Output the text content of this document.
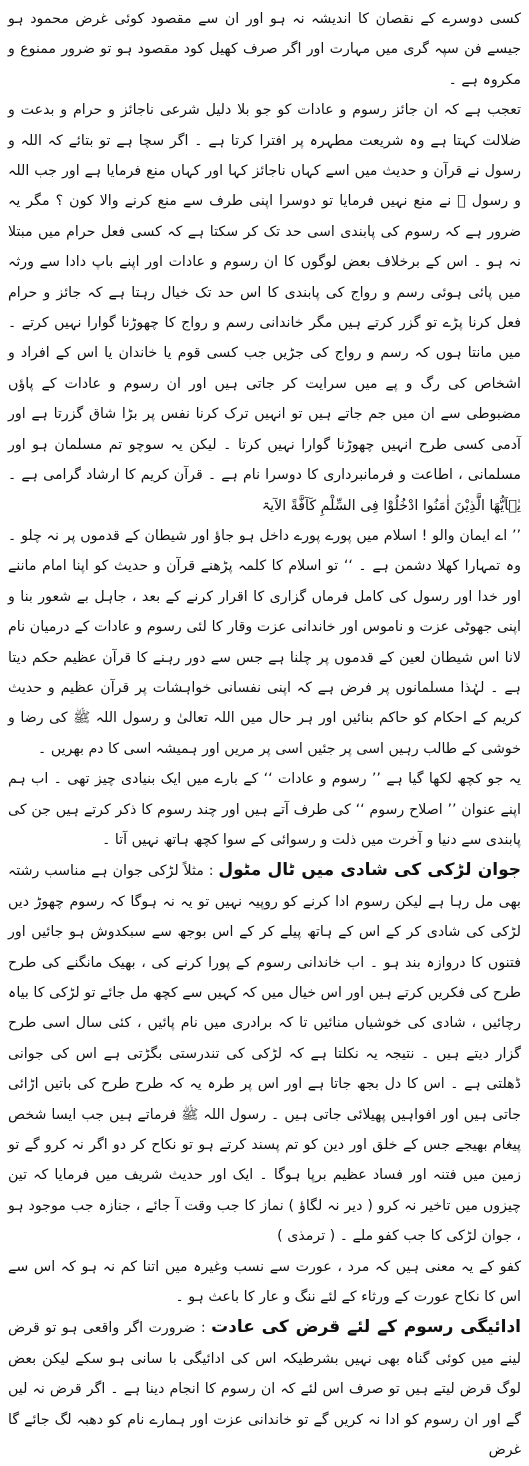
کسی دوسرے کے نقصان کا اندیشہ نہ ہو اور ان سے مقصود کوئی غرض محمود ہو جیسے فن سپہ گری میں مہارت اور اگر صرف کھیل کود مقصود ہو تو ضرور ممنوع و مکروہ ہے ۔

تعجب ہے کہ ان جائز رسوم و عادات کو جو بلا دلیل شرعی ناجائز و حرام و بدعت و ضلالت کہتا ہے وہ شریعت مطہرہ پر افترا کرتا ہے ۔ اگر سچا ہے تو بتائے کہ اللہ و رسول نے قرآن و حدیث میں اسے کہاں ناجائز کہا اور کہاں منع فرمایا ہے اور جب اللہ و رسول ﷺ نے منع نہیں فرمایا تو دوسرا اپنی طرف سے منع کرنے والا کون ؟ مگر یہ ضرور ہے کہ رسوم کی پابندی اسی حد تک کر سکتا ہے کہ کسی فعل حرام میں مبتلا نہ ہو ۔ اس کے برخلاف بعض لوگوں کا ان رسوم و عادات اور اپنے باپ دادا سے ورثہ میں پائی ہوئی رسم و رواج کی پابندی کا اس حد تک خیال رہتا ہے کہ جائز و حرام فعل کرنا پڑے تو گزر کرتے ہیں مگر خاندانی رسم و رواج کا چھوڑنا گوارا نہیں کرتے ۔ میں مانتا ہوں کہ رسم و رواج کی جڑیں جب کسی قوم یا خاندان یا اس کے افراد و اشخاص کی رگ و پے میں سرایت کر جاتی ہیں اور ان رسوم و عادات کے پاؤں مضبوطی سے ان میں جم جاتے ہیں تو انہیں ترک کرنا نفس پر بڑا شاق گزرتا ہے اور آدمی کسی طرح انہیں چھوڑنا گوارا نہیں کرتا ۔ لیکن یہ سوچو تم مسلمان ہو اور مسلمانی ، اطاعت و فرمانبرداری کا دوسرا نام ہے ۔ قرآن کریم کا ارشاد گرامی ہے ۔ یٰۤاَیُّهَا الَّذِیْنَ اٰمَنُوا ادْخُلُوْا فِی السِّلْمِ كَآفَّةً الآیۃ

’’ اے ایمان والو ! اسلام میں پورے پورے داخل ہو جاؤ اور شیطان کے قدموں پر نہ چلو ۔ وہ تمہارا کھلا دشمن ہے ۔ ‘‘ تو اسلام کا کلمہ پڑھنے قرآن و حدیث کو اپنا امام ماننے اور خدا اور رسول کی کامل فرماں گزاری کا اقرار کرنے کے بعد ، جاہل بے شعور بنا و اپنی جھوٹی عزت و ناموس اور خاندانی عزت وقار کا لئی رسوم و عادات کے درمیان نام لانا اس شیطان لعین کے قدموں پر چلنا ہے جس سے دور رہنے کا قرآن عظیم حکم دیتا ہے ۔ لہٰذا مسلمانوں پر فرض ہے کہ اپنی نفسانی خواہشات پر قرآن عظیم و حدیث کریم کے احکام کو حاکم بنائیں اور ہر حال میں اللہ تعالیٰ و رسول اللہ ﷺ کی رضا و خوشی کے طالب رہیں اسی پر جئیں اسی پر مریں اور ہمیشہ اسی کا دم بھریں ۔

یہ جو کچھ لکھا گیا ہے ’’ رسوم و عادات ‘‘ کے بارے میں ایک بنیادی چیز تھی ۔ اب ہم اپنے عنوان ’’ اصلاح رسوم ‘‘ کی طرف آتے ہیں اور چند رسوم کا ذکر کرتے ہیں جن کی پابندی سے دنیا و آخرت میں ذلت و رسوائی کے سوا کچھ ہاتھ نہیں آتا ۔

جوان لڑکی کی شادی میں ٹال مٹول : مثلاً لڑکی جوان ہے مناسب رشتہ بھی مل رہا ہے لیکن رسوم ادا کرنے کو روپیہ نہیں تو یہ نہ ہوگا کہ رسوم چھوڑ دیں لڑکی کی شادی کر کے اس کے ہاتھ پیلے کر کے اس بوجھ سے سبکدوش ہو جائیں اور فتنوں کا دروازہ بند ہو ۔ اب خاندانی رسوم کے پورا کرنے کی ، بھیک مانگنے کی طرح طرح کی فکریں کرتے ہیں اور اس خیال میں کہ کہیں سے کچھ مل جائے تو لڑکی کا بیاہ رچائیں ، شادی کی خوشیاں منائیں تا کہ برادری میں نام پائیں ، کئی سال اسی طرح گزار دیتے ہیں ۔ نتیجہ یہ نکلتا ہے کہ لڑکی کی تندرستی بگڑتی ہے اس کی جوانی ڈھلتی ہے ۔ اس کا دل بجھ جاتا ہے اور اس پر طرہ یہ کہ طرح طرح کی باتیں اڑائی جاتی ہیں اور افواہیں پھیلائی جاتی ہیں ۔ رسول اللہ ﷺ فرماتے ہیں جب ایسا شخص پیغام بھیجے جس کے خلق اور دین کو تم پسند کرتے ہو تو نکاح کر دو اگر نہ کرو گے تو زمین میں فتنہ اور فساد عظیم برپا ہوگا ۔ ایک اور حدیث شریف میں فرمایا کہ تین چیزوں میں تاخیر نہ کرو ( دیر نہ لگاؤ ) نماز کا جب وقت آ جائے ، جنازہ جب موجود ہو ، جوان لڑکی کا جب کفو ملے ۔ ( ترمذی )

کفو کے یہ معنی ہیں کہ مرد ، عورت سے نسب وغیرہ میں اتنا کم نہ ہو کہ اس سے اس کا نکاح عورت کے ورثاء کے لئے ننگ و عار کا باعث ہو ۔

ادائیگی رسوم کے لئے قرض کی عادت : ضرورت اگر واقعی ہو تو قرض لینے میں کوئی گناہ بھی نہیں بشرطیکہ اس کی ادائیگی با سانی ہو سکے لیکن بعض لوگ قرض لیتے ہیں تو صرف اس لئے کہ ان رسوم کا انجام دینا ہے ۔ اگر قرض نہ لیں گے اور ان رسوم کو ادا نہ کریں گے تو خاندانی عزت اور ہمارے نام کو دھبہ لگ جائے گا غرض
